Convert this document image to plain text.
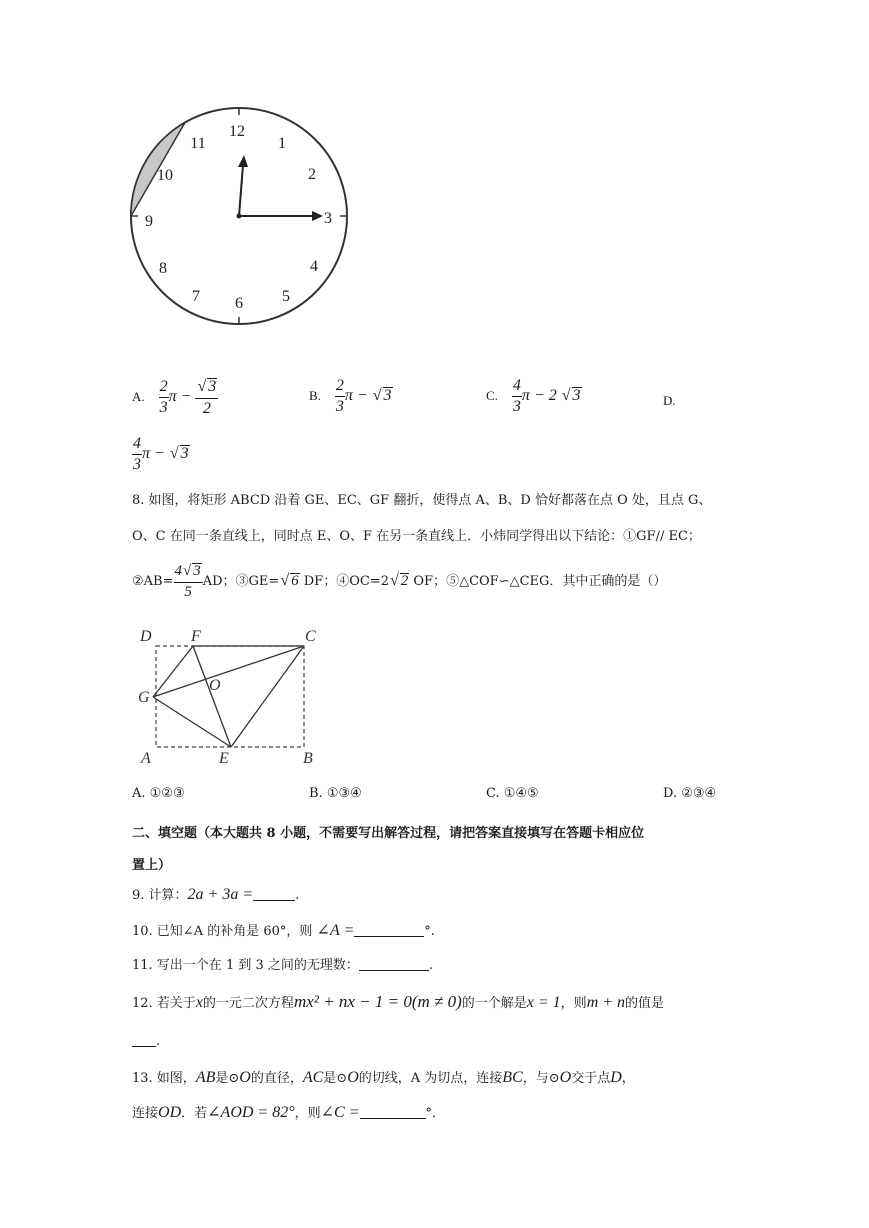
12
1
2
3
4
5
6
7
8
9
10
11
A. $\frac{2}{3}$ $\pi - \frac{√ 3}{2}$	B. $\frac{2}{3}$ π − √ 3	C. $\frac{4}{3}$ π − 2 √ 3	D.
$\frac{4}{3}$ π − √ 3
8. 如图，将矩形 ABCD 沿着 GE、EC、GF 翻折，使得点 A、B、D 恰好都落在点 O 处，且点 G、
O、C 在同一条直线上，同时点 E、O、F 在另一条直线上．小炜同学得出以下结论：①GF// EC；
②AB= $\frac{4√ 3}{5}$ AD；③GE=√ 6 DF；④OC=2√ 2 OF；⑤△COF∽△CEG．其中正确的是（）
D F	C
G
O
A	E	B
A. ①②③	B. ①③④	C. ①④⑤	D. ②③④
二、填空题（本大题共 8 小题，不需要写出解答过程，请把答案直接填写在答题卡相应位
置上）
9. 计算：2a + 3a =	.
10. 已知∠A 的补角是 60°，则 ∠A =	°.
11. 写出一个在 1 到 3 之间的无理数：	.
12. 若关于x的一元二次方程mx² + nx − 1 = 0(m ≠ 0)的一个解是x = 1，则m + n的值是
.
13. 如图，AB是⊙O的直径，AC是⊙O的切线，A 为切点，连接BC，与⊙O交于点D，
连接OD．若∠AOD = 82°，则∠C =	°．
